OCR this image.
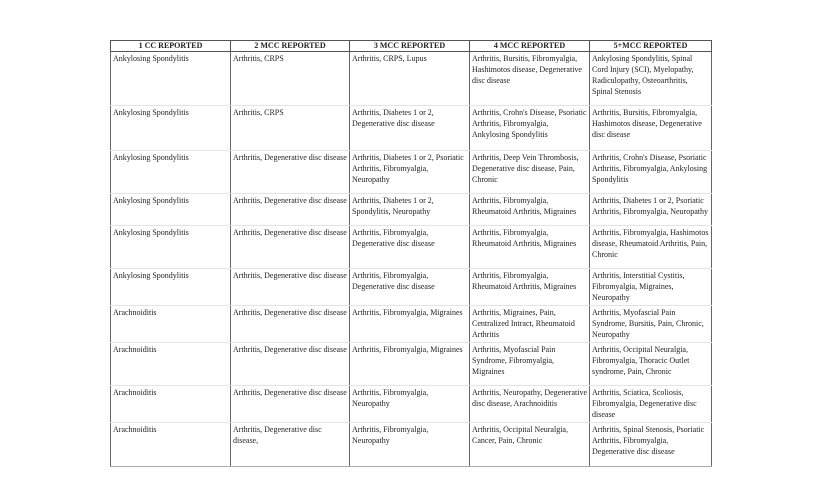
1 CC REPORTED	2 MCC REPORTED	3 MCC REPORTED	4 MCC REPORTED	5+MCC REPORTED
Ankylosing Spondylitis	Arthritis, CRPS	Arthritis, CRPS, Lupus	Arthritis, Bursitis, Fibromyalgia, Hashimotos disease, Degenerative disc disease	Ankylosing Spondylitis, Spinal Cord Injury (SCI), Myelopathy, Radiculopathy, Osteoarthritis, Spinal Stenosis
Ankylosing Spondylitis	Arthritis, CRPS	Arthritis, Diabetes 1 or 2, Degenerative disc disease	Arthritis, Crohn's Disease, Psoriatic Arthritis, Fibromyalgia, Ankylosing Spondylitis	Arthritis, Bursitis, Fibromyalgia, Hashimotos disease, Degenerative disc disease
Ankylosing Spondylitis	Arthritis, Degenerative disc disease	Arthritis, Diabetes 1 or 2, Psoriatic Arthritis, Fibromyalgia, Neuropathy	Arthritis, Deep Vein Thrombosis, Degenerative disc disease, Pain, Chronic	Arthritis, Crohn's Disease, Psoriatic Arthritis, Fibromyalgia, Ankylosing Spondylitis
Ankylosing Spondylitis	Arthritis, Degenerative disc disease	Arthritis, Diabetes 1 or 2, Spondylitis, Neuropathy	Arthritis, Fibromyalgia, Rheumatoid Arthritis, Migraines	Arthritis, Diabetes 1 or 2, Psoriatic Arthritis, Fibromyalgia, Neuropathy
Ankylosing Spondylitis	Arthritis, Degenerative disc disease	Arthritis, Fibromyalgia, Degenerative disc disease	Arthritis, Fibromyalgia, Rheumatoid Arthritis, Migraines	Arthritis, Fibromyalgia, Hashimotos disease, Rheumatoid Arthritis, Pain, Chronic
Ankylosing Spondylitis	Arthritis, Degenerative disc disease	Arthritis, Fibromyalgia, Degenerative disc disease	Arthritis, Fibromyalgia, Rheumatoid Arthritis, Migraines	Arthritis, Interstitial Cystitis, Fibromyalgia, Migraines, Neuropathy
Arachnoiditis	Arthritis, Degenerative disc disease	Arthritis, Fibromyalgia, Migraines	Arthritis, Migraines, Pain, Centralized Intract, Rheumatoid Arthritis	Arthritis, Myofascial Pain Syndrome, Bursitis, Pain, Chronic, Neuropathy
Arachnoiditis	Arthritis, Degenerative disc disease	Arthritis, Fibromyalgia, Migraines	Arthritis, Myofascial Pain Syndrome, Fibromyalgia, Migraines	Arthritis, Occipital Neuralgia, Fibromyalgia, Thoracic Outlet syndrome, Pain, Chronic
Arachnoiditis	Arthritis, Degenerative disc disease	Arthritis, Fibromyalgia, Neuropathy	Arthritis, Neuropathy, Degenerative disc disease, Arachnoiditis	Arthritis, Sciatica, Scoliosis, Fibromyalgia, Degenerative disc disease
Arachnoiditis	Arthritis, Degenerative disc disease,	Arthritis, Fibromyalgia, Neuropathy	Arthritis, Occipital Neuralgia, Cancer, Pain, Chronic	Arthritis, Spinal Stenosis, Psoriatic Arthritis, Fibromyalgia, Degenerative disc disease
